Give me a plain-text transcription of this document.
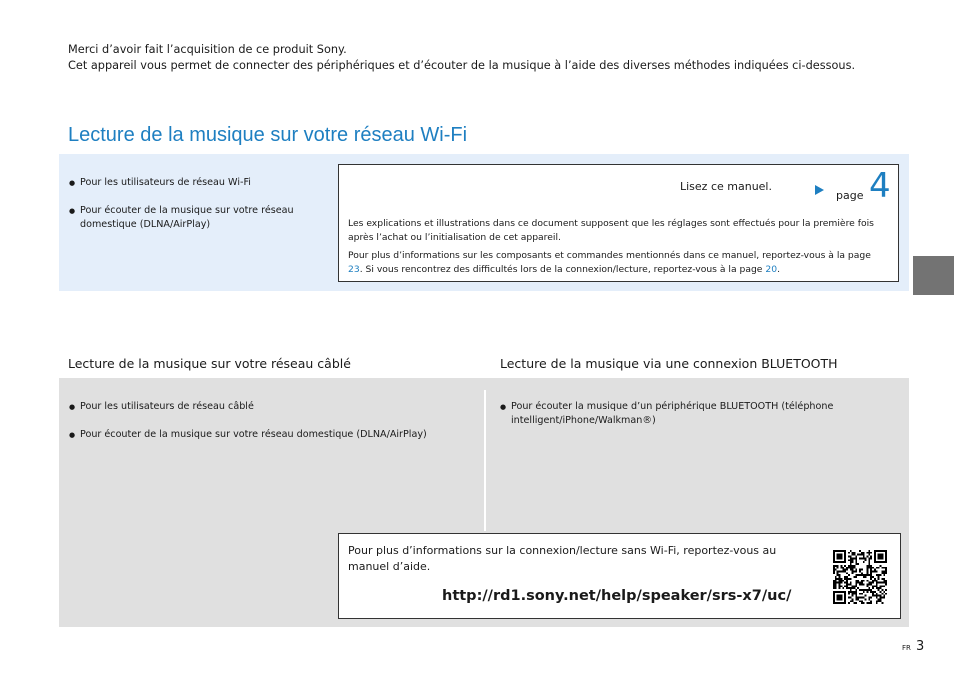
Merci d’avoir fait l’acquisition de ce produit Sony.

Cet appareil vous permet de connecter des périphériques et d’écouter de la musique à l’aide des diverses méthodes indiquées ci-dessous.

Lecture de la musique sur votre réseau Wi-Fi
● Pour les utilisateurs de réseau Wi-Fi
● Pour écouter de la musique sur votre réseau domestique (DLNA/AirPlay)
Lisez ce manuel.
page 4

Les explications et illustrations dans ce document supposent que les réglages sont effectués pour la première fois après l’achat ou l’initialisation de cet appareil.

Pour plus d’informations sur les composants et commandes mentionnés dans ce manuel, reportez-vous à la page 23. Si vous rencontrez des difficultés lors de la connexion/lecture, reportez-vous à la page 20.

Lecture de la musique sur votre réseau câblé	Lecture de la musique via une connexion BLUETOOTH
● Pour les utilisateurs de réseau câblé
● Pour écouter de la musique sur votre réseau domestique (DLNA/AirPlay)
● Pour écouter la musique d’un périphérique BLUETOOTH (téléphone intelligent/iPhone/Walkman®)
Pour plus d’informations sur la connexion/lecture sans Wi-Fi, reportez-vous au manuel d’aide.
http://rd1.sony.net/help/speaker/srs-x7/uc/
FR 3
